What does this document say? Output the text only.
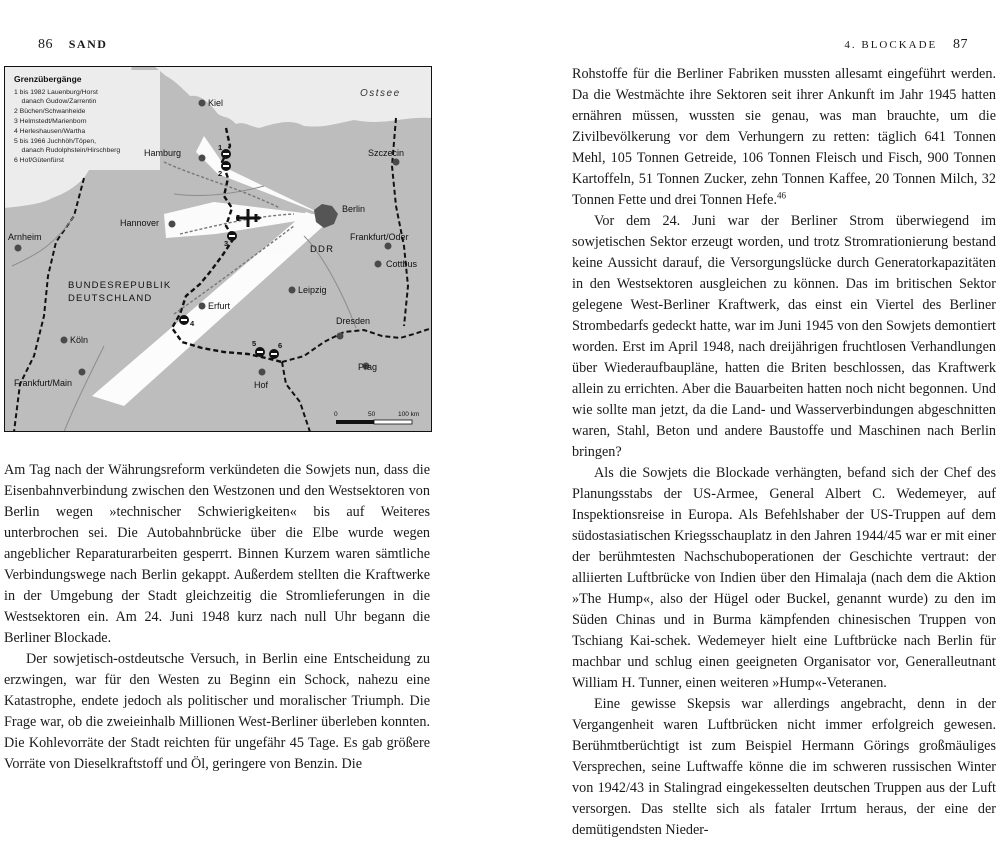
86 SAND
Grenzübergänge
1 bis 1982 Lauenburg/Horst
danach Gudow/Zarrentin
2 Büchen/Schwanheide
3 Helmstedt/Marienborn
4 Herleshausen/Wartha
5 bis 1966 Juchhöh/Töpen,
danach Rudolphstein/Hirschberg
6 Hof/Gütenfürst
Ostsee
1
2
3
4
5	6
Kiel
Hamburg	Szczecin
Berlin
Hannover
Arnheim	Frankfurt/Oder
Cottbus
Leipzig
Erfurt
Köln
Dresden
Frankfurt/Main	Hof
Prag
BUNDESREPUBLIK
DEUTSCHLAND
DDR
0	50	100 km

Am Tag nach der Währungsreform verkündeten die Sowjets nun, dass die Eisenbahnverbindung zwischen den Westzonen und den Westsektoren von Berlin wegen »technischer Schwierigkeiten« bis auf Weiteres unterbrochen sei. Die Autobahnbrücke über die Elbe wurde wegen angeblicher Reparaturarbeiten gesperrt. Binnen Kurzem waren sämtliche Verbindungswege nach Berlin gekappt. Außerdem stellten die Kraftwerke in der Umgebung der Stadt gleichzeitig die Stromlieferungen in die Westsektoren ein. Am 24. Juni 1948 kurz nach null Uhr begann die Berliner Blockade.

Der sowjetisch-ostdeutsche Versuch, in Berlin eine Entscheidung zu erzwingen, war für den Westen zu Beginn ein Schock, nahezu eine Katastrophe, endete jedoch als politischer und moralischer Triumph. Die Frage war, ob die zweieinhalb Millionen West-Berliner überleben konnten. Die Kohlevorräte der Stadt reichten für ungefähr 45 Tage. Es gab größere Vorräte von Dieselkraftstoff und Öl, geringere von Benzin. Die

4. BLOCKADE 87

Rohstoffe für die Berliner Fabriken mussten allesamt eingeführt werden. Da die Westmächte ihre Sektoren seit ihrer Ankunft im Jahr 1945 hatten ernähren müssen, wussten sie genau, was man brauchte, um die Zivilbevölkerung vor dem Verhungern zu retten: täglich 641 Tonnen Mehl, 105 Tonnen Getreide, 106 Tonnen Fleisch und Fisch, 900 Tonnen Kartoffeln, 51 Tonnen Zucker, zehn Tonnen Kaffee, 20 Tonnen Milch, 32 Tonnen Fette und drei Tonnen Hefe.$^{46}$

Vor dem 24. Juni war der Berliner Strom überwiegend im sowjetischen Sektor erzeugt worden, und trotz Stromrationierung bestand keine Aussicht darauf, die Versorgungslücke durch Generatorkapazitäten in den Westsektoren ausgleichen zu können. Das im britischen Sektor gelegene West-Berliner Kraftwerk, das einst ein Viertel des Berliner Strombedarfs gedeckt hatte, war im Juni 1945 von den Sowjets demontiert worden. Erst im April 1948, nach dreijährigen fruchtlosen Verhandlungen über Wiederaufbaupläne, hatten die Briten beschlossen, das Kraftwerk allein zu errichten. Aber die Bauarbeiten hatten noch nicht begonnen. Und wie sollte man jetzt, da die Land- und Wasserverbindungen abgeschnitten waren, Stahl, Beton und andere Baustoffe und Maschinen nach Berlin bringen?

Als die Sowjets die Blockade verhängten, befand sich der Chef des Planungsstabs der US-Armee, General Albert C. Wedemeyer, auf Inspektionsreise in Europa. Als Befehlshaber der US-Truppen auf dem südostasiatischen Kriegsschauplatz in den Jahren 1944/45 war er mit einer der berühmtesten Nachschuboperationen der Geschichte vertraut: der alliierten Luftbrücke von Indien über den Himalaja (nach dem die Aktion »The Hump«, also der Hügel oder Buckel, genannt wurde) zu den im Süden Chinas und in Burma kämpfenden chinesischen Truppen von Tschiang Kai-schek. Wedemeyer hielt eine Luftbrücke nach Berlin für machbar und schlug einen geeigneten Organisator vor, Generalleutnant William H. Tunner, einen weiteren »Hump«-Veteranen.

Eine gewisse Skepsis war allerdings angebracht, denn in der Vergangenheit waren Luftbrücken nicht immer erfolgreich gewesen. Berühmtberüchtigt ist zum Beispiel Hermann Görings großmäuliges Versprechen, seine Luftwaffe könne die im schweren russischen Winter von 1942/43 in Stalingrad eingekesselten deutschen Truppen aus der Luft versorgen. Das stellte sich als fataler Irrtum heraus, der eine der demütigendsten Nieder-
